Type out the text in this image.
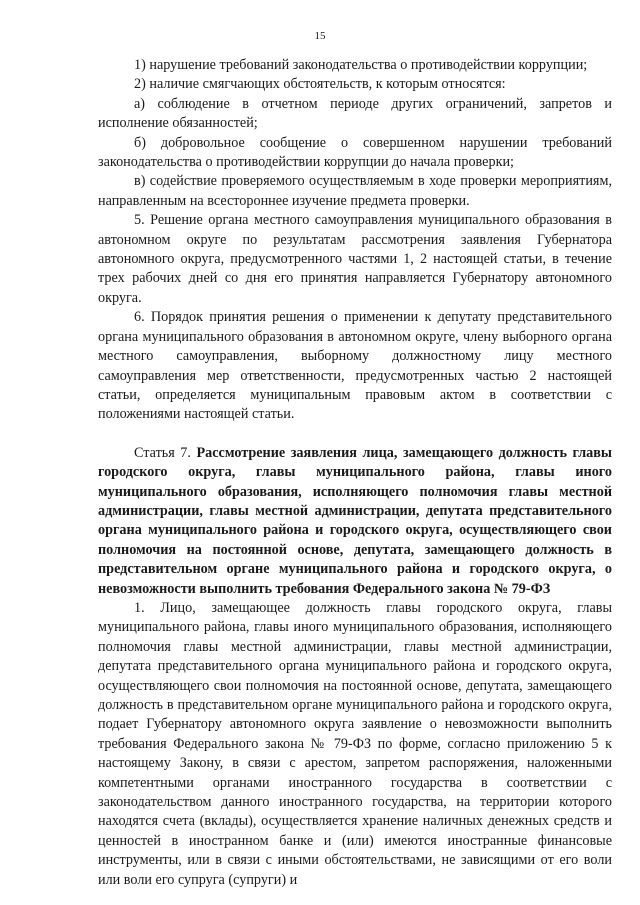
15

1) нарушение требований законодательства о противодействии коррупции;

2) наличие смягчающих обстоятельств, к которым относятся:

а) соблюдение в отчетном периоде других ограничений, запретов и исполнение обязанностей;

б) добровольное сообщение о совершенном нарушении требований законодательства о противодействии коррупции до начала проверки;

в) содействие проверяемого осуществляемым в ходе проверки мероприятиям, направленным на всестороннее изучение предмета проверки.

5. Решение органа местного самоуправления муниципального образования в автономном округе по результатам рассмотрения заявления Губернатора автономного округа, предусмотренного частями 1, 2 настоящей статьи, в течение трех рабочих дней со дня его принятия направляется Губернатору автономного округа.

6. Порядок принятия решения о применении к депутату представительного органа муниципального образования в автономном округе, члену выборного органа местного самоуправления, выборному должностному лицу местного самоуправления мер ответственности, предусмотренных частью 2 настоящей статьи, определяется муниципальным правовым актом в соответствии с положениями настоящей статьи.

Статья 7. Рассмотрение заявления лица, замещающего должность главы городского округа, главы муниципального района, главы иного муниципального образования, исполняющего полномочия главы местной администрации, главы местной администрации, депутата представительного органа муниципального района и городского округа, осуществляющего свои полномочия на постоянной основе, депутата, замещающего должность в представительном органе муниципального района и городского округа, о невозможности выполнить требования Федерального закона № 79-ФЗ

1. Лицо, замещающее должность главы городского округа, главы муниципального района, главы иного муниципального образования, исполняющего полномочия главы местной администрации, главы местной администрации, депутата представительного органа муниципального района и городского округа, осуществляющего свои полномочия на постоянной основе, депутата, замещающего должность в представительном органе муниципального района и городского округа, подает Губернатору автономного округа заявление о невозможности выполнить требования Федерального закона № 79-ФЗ по форме, согласно приложению 5 к настоящему Закону, в связи с арестом, запретом распоряжения, наложенными компетентными органами иностранного государства в соответствии с законодательством данного иностранного государства, на территории которого находятся счета (вклады), осуществляется хранение наличных денежных средств и ценностей в иностранном банке и (или) имеются иностранные финансовые инструменты, или в связи с иными обстоятельствами, не зависящими от его воли или воли его супруга (супруги) и
